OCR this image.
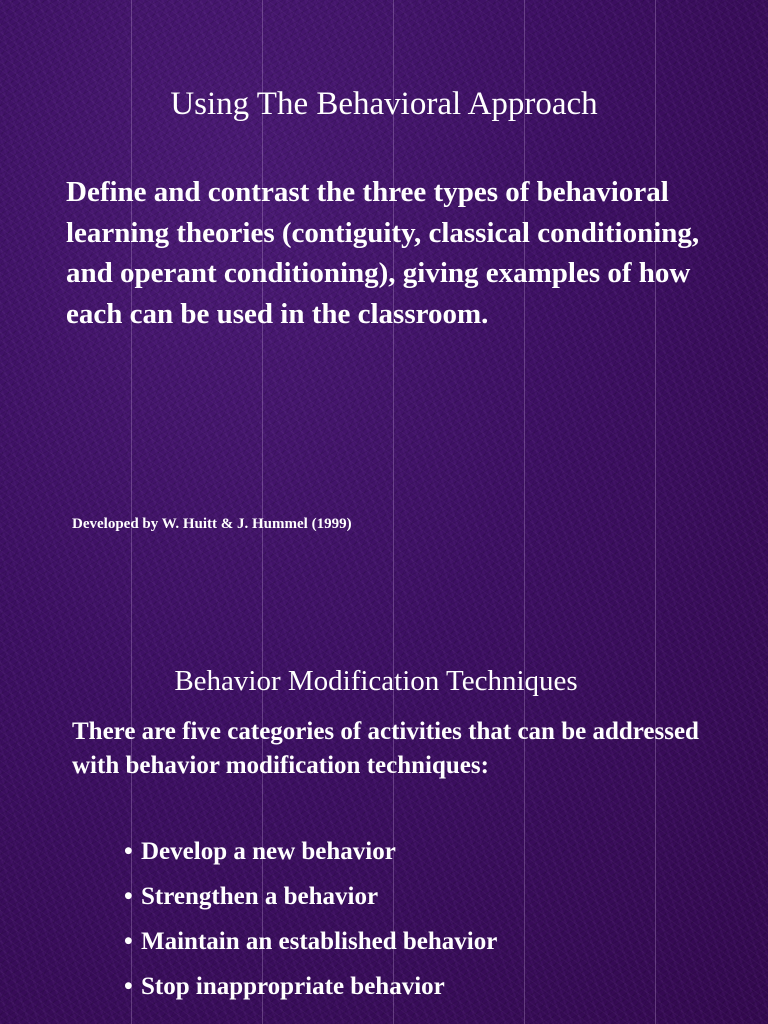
Using The Behavioral Approach

Define and contrast the three types of behavioral learning theories (contiguity, classical conditioning, and operant conditioning), giving examples of how each can be used in the classroom.

Developed by W. Huitt & J. Hummel (1999)
Behavior Modification Techniques

There are five categories of activities that can be addressed with behavior modification techniques:

• Develop a new behavior
• Strengthen a behavior
• Maintain an established behavior
• Stop inappropriate behavior
